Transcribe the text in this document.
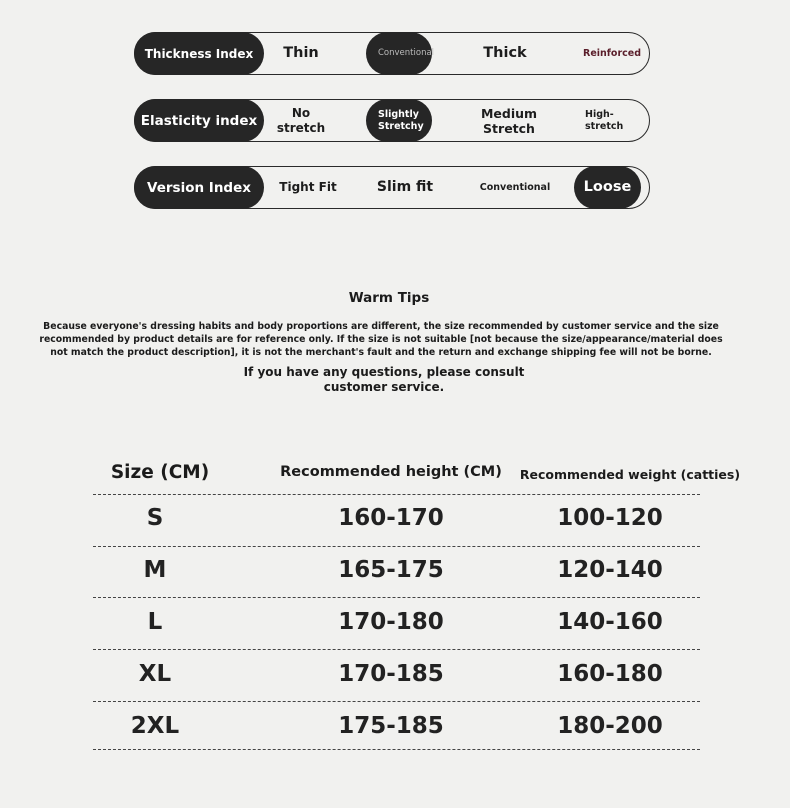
Thickness Index	Thin	Conventional	Thick	Reinforced
Elasticity index	No stretch
Slightly Stretchy
Medium Stretch
High-stretch
Version Index	Tight Fit	Slim fit	Conventional	Loose
Warm Tips
Because everyone's dressing habits and body proportions are different, the size recommended by customer service and the size recommended by product details are for reference only. If the size is not suitable [not because the size/appearance/material does not match the product description], it is not the merchant's fault and the return and exchange shipping fee will not be borne.
If you have any questions, please consult customer service.
Size (CM)	Recommended height (CM)	Recommended weight (catties)
S	160-170	100-120
M	165-175	120-140
L	170-180	140-160
XL	170-185	160-180
2XL	175-185	180-200
